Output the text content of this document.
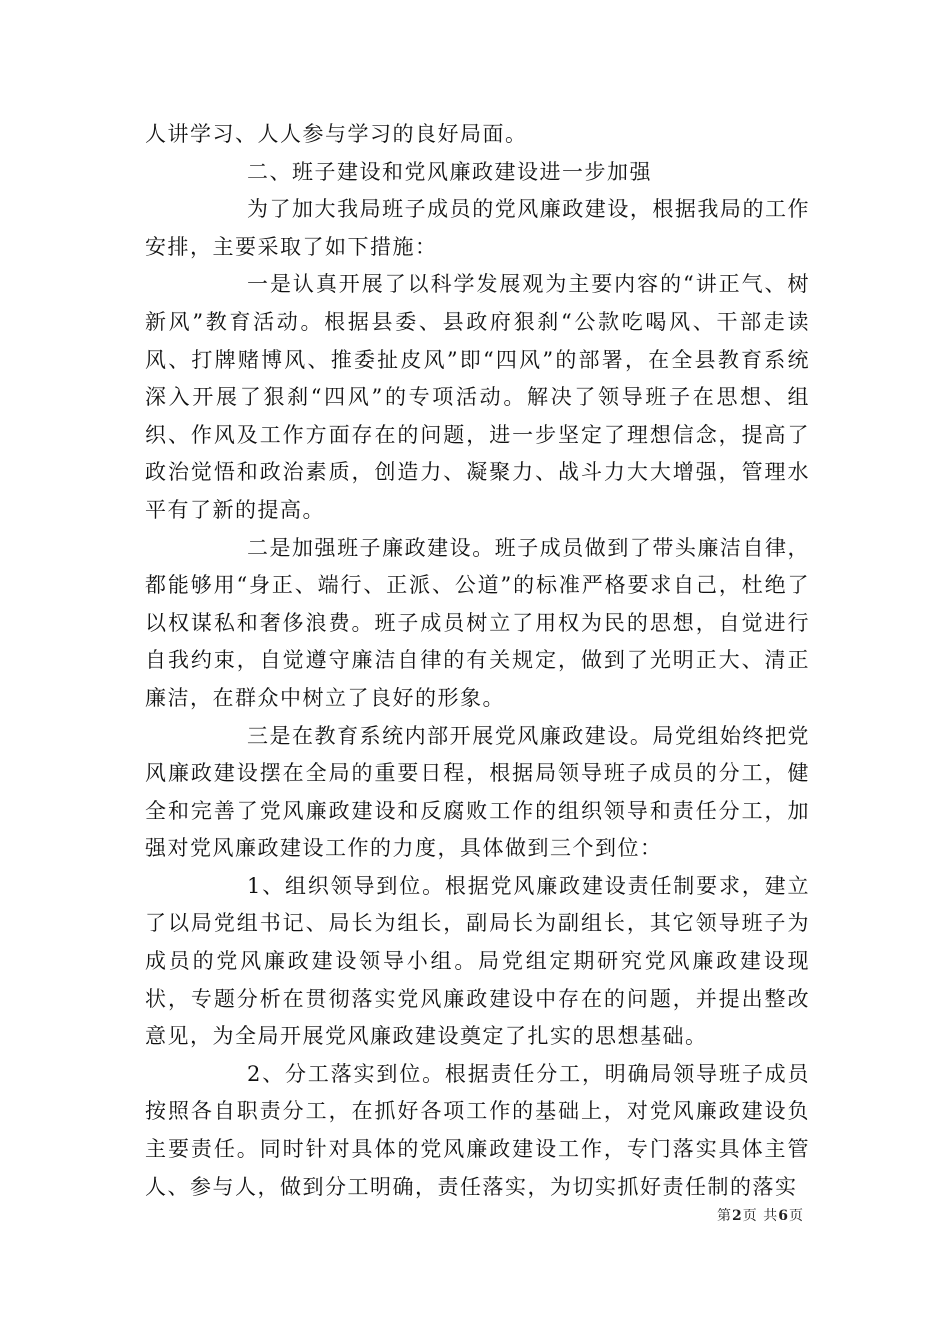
人讲学习、人人参与学习的良好局面。

二、班子建设和党风廉政建设进一步加强

为了加大我局班子成员的党风廉政建设，根据我局的工作安排，主要采取了如下措施：

一是认真开展了以科学发展观为主要内容的“讲正气、树新风”教育活动。根据县委、县政府狠刹“公款吃喝风、干部走读风、打牌赌博风、推委扯皮风”即“四风”的部署，在全县教育系统深入开展了狠刹“四风”的专项活动。解决了领导班子在思想、组织、作风及工作方面存在的问题，进一步坚定了理想信念，提高了政治觉悟和政治素质，创造力、凝聚力、战斗力大大增强，管理水平有了新的提高。

二是加强班子廉政建设。班子成员做到了带头廉洁自律，都能够用“身正、端行、正派、公道”的标准严格要求自己，杜绝了以权谋私和奢侈浪费。班子成员树立了用权为民的思想，自觉进行自我约束，自觉遵守廉洁自律的有关规定，做到了光明正大、清正廉洁，在群众中树立了良好的形象。

三是在教育系统内部开展党风廉政建设。局党组始终把党风廉政建设摆在全局的重要日程，根据局领导班子成员的分工，健全和完善了党风廉政建设和反腐败工作的组织领导和责任分工，加强对党风廉政建设工作的力度，具体做到三个到位：

1、组织领导到位。根据党风廉政建设责任制要求，建立了以局党组书记、局长为组长，副局长为副组长，其它领导班子为成员的党风廉政建设领导小组。局党组定期研究党风廉政建设现状，专题分析在贯彻落实党风廉政建设中存在的问题，并提出整改意见，为全局开展党风廉政建设奠定了扎实的思想基础。

2、分工落实到位。根据责任分工，明确局领导班子成员按照各自职责分工，在抓好各项工作的基础上，对党风廉政建设负主要责任。同时针对具体的党风廉政建设工作，专门落实具体主管人、参与人，做到分工明确，责任落实，为切实抓好责任制的落实

第2页 共6页
